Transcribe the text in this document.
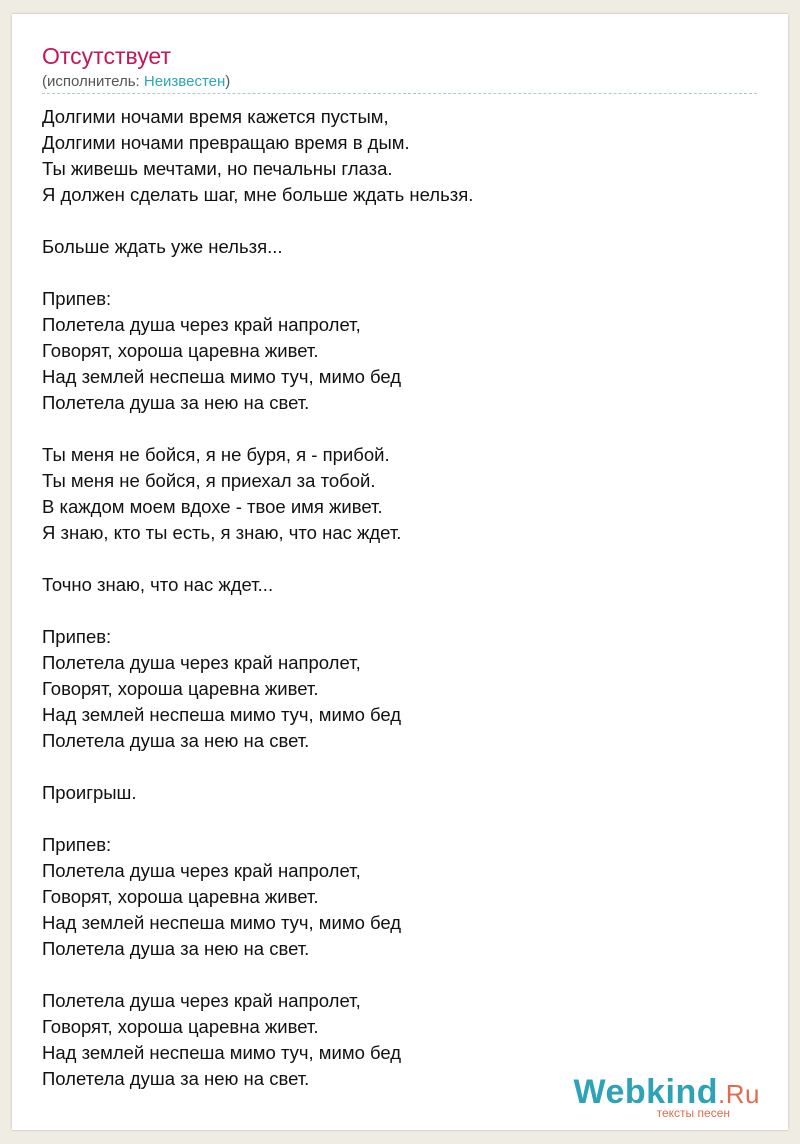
Отсутствует
(исполнитель: Неизвестен)
Долгими ночами время кажется пустым,
Долгими ночами превращаю время в дым.
Ты живешь мечтами, но печальны глаза.
Я должен сделать шаг, мне больше ждать нельзя.
Больше ждать уже нельзя...
Припев:
Полетела душа через край напролет,
Говорят, хороша царевна живет.
Над землей неспеша мимо туч, мимо бед
Полетела душа за нею на свет.
Ты меня не бойся, я не буря, я - прибой.
Ты меня не бойся, я приехал за тобой.
В каждом моем вдохе - твое имя живет.
Я знаю, кто ты есть, я знаю, что нас ждет.
Точно знаю, что нас ждет...
Припев:
Полетела душа через край напролет,
Говорят, хороша царевна живет.
Над землей неспеша мимо туч, мимо бед
Полетела душа за нею на свет.
Проигрыш.
Припев:
Полетела душа через край напролет,
Говорят, хороша царевна живет.
Над землей неспеша мимо туч, мимо бед
Полетела душа за нею на свет.
Полетела душа через край напролет,
Говорят, хороша царевна живет.
Над землей неспеша мимо туч, мимо бед
Полетела душа за нею на свет.	Webkind.Ru
тексты песен
